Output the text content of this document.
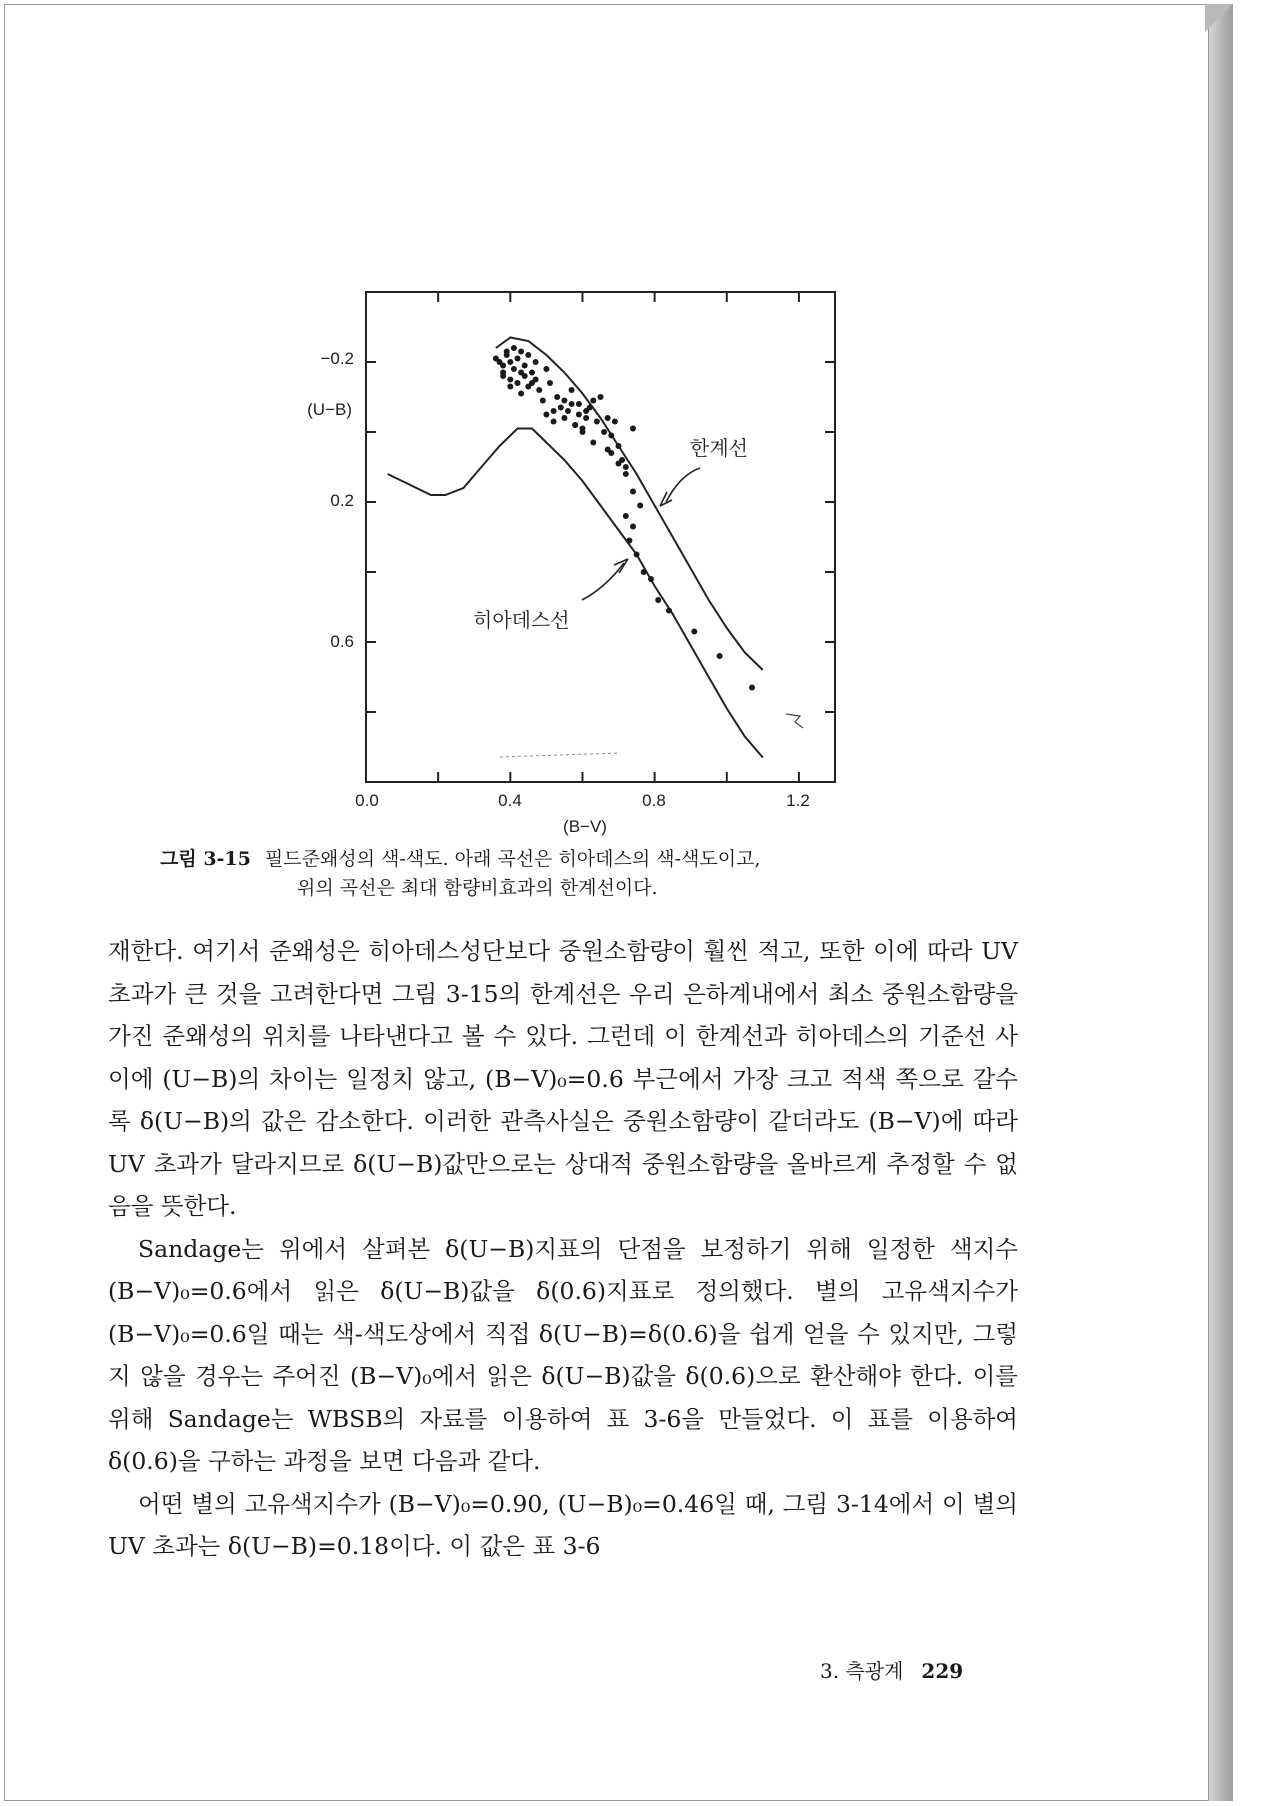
−0.2
0.2
0.6
(U−B)
0.0	0.4	0.8	1.2
(B−V)
한계선
히아데스선
그림 3-15 필드준왜성의 색-색도. 아래 곡선은 히아데스의 색-색도이고,
위의 곡선은 최대 함량비효과의 한계선이다.

재한다. 여기서 준왜성은 히아데스성단보다 중원소함량이 훨씬 적고, 또한 이에 따라 UV 초과가 큰 것을 고려한다면 그림 3-15의 한계선은 우리 은하계내에서 최소 중원소함량을 가진 준왜성의 위치를 나타낸다고 볼 수 있다. 그런데 이 한계선과 히아데스의 기준선 사이에 (U−B)의 차이는 일정치 않고, (B−V)₀=0.6 부근에서 가장 크고 적색 쪽으로 갈수록 δ(U−B)의 값은 감소한다. 이러한 관측사실은 중원소함량이 같더라도 (B−V)에 따라 UV 초과가 달라지므로 δ(U−B)값만으로는 상대적 중원소함량을 올바르게 추정할 수 없음을 뜻한다.

Sandage는 위에서 살펴본 δ(U−B)지표의 단점을 보정하기 위해 일정한 색지수 (B−V)₀=0.6에서 읽은 δ(U−B)값을 δ(0.6)지표로 정의했다. 별의 고유색지수가 (B−V)₀=0.6일 때는 색-색도상에서 직접 δ(U−B)=δ(0.6)을 쉽게 얻을 수 있지만, 그렇지 않을 경우는 주어진 (B−V)₀에서 읽은 δ(U−B)값을 δ(0.6)으로 환산해야 한다. 이를 위해 Sandage는 WBSB의 자료를 이용하여 표 3-6을 만들었다. 이 표를 이용하여 δ(0.6)을 구하는 과정을 보면 다음과 같다.

어떤 별의 고유색지수가 (B−V)₀=0.90, (U−B)₀=0.46일 때, 그림 3-14에서 이 별의 UV 초과는 δ(U−B)=0.18이다. 이 값은 표 3-6

3. 측광계 229
